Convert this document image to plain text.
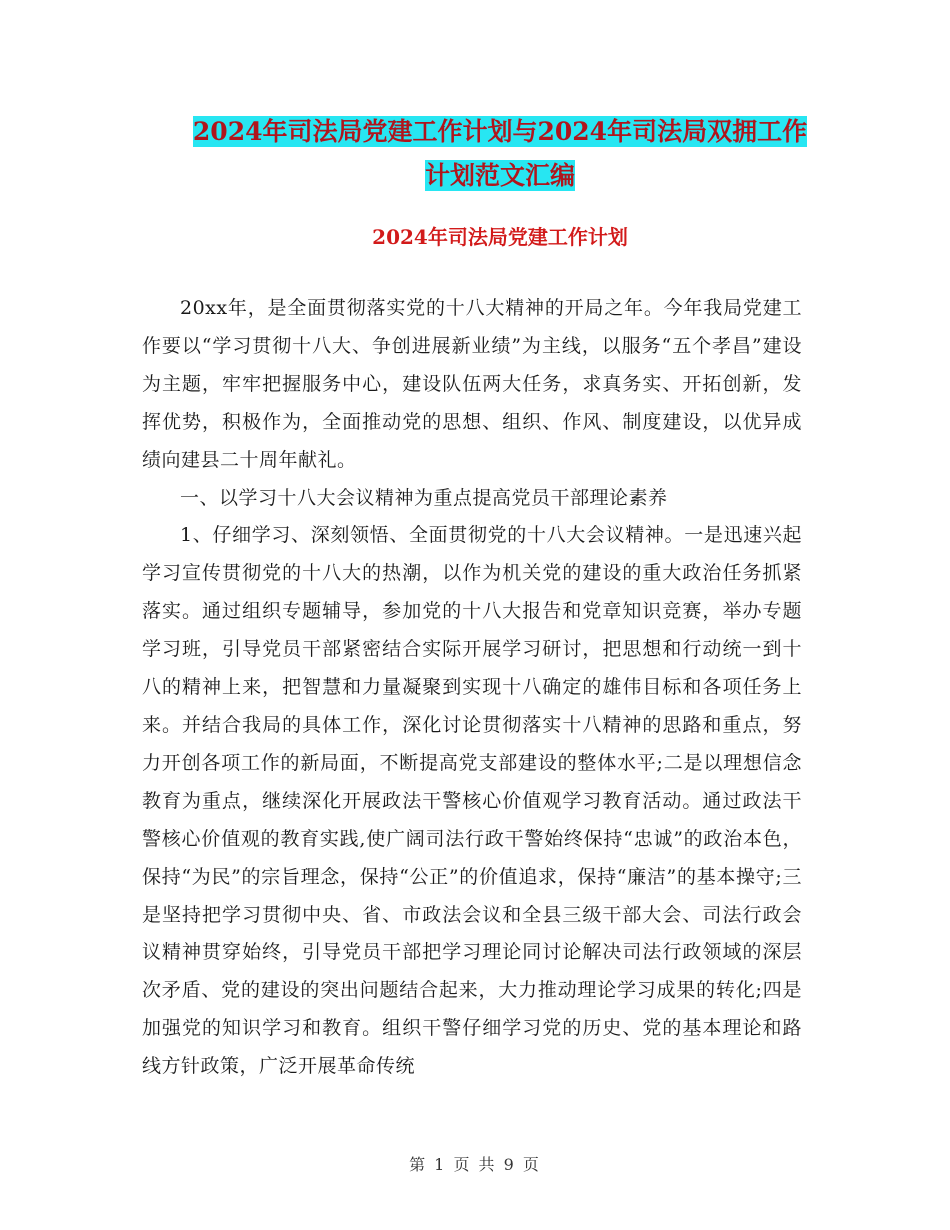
2024年司法局党建工作计划与2024年司法局双拥工作
计划范文汇编
2024年司法局党建工作计划

20xx年，是全面贯彻落实党的十八大精神的开局之年。今年我局党建工作要以“学习贯彻十八大、争创进展新业绩”为主线，以服务“五个孝昌”建设为主题，牢牢把握服务中心，建设队伍两大任务，求真务实、开拓创新，发挥优势，积极作为，全面推动党的思想、组织、作风、制度建设，以优异成绩向建县二十周年献礼。

一、以学习十八大会议精神为重点提高党员干部理论素养

1、仔细学习、深刻领悟、全面贯彻党的十八大会议精神。一是迅速兴起学习宣传贯彻党的十八大的热潮，以作为机关党的建设的重大政治任务抓紧落实。通过组织专题辅导，参加党的十八大报告和党章知识竞赛，举办专题学习班，引导党员干部紧密结合实际开展学习研讨，把思想和行动统一到十八的精神上来，把智慧和力量凝聚到实现十八确定的雄伟目标和各项任务上来。并结合我局的具体工作，深化讨论贯彻落实十八精神的思路和重点，努力开创各项工作的新局面，不断提高党支部建设的整体水平;二是以理想信念教育为重点，继续深化开展政法干警核心价值观学习教育活动。通过政法干警核心价值观的教育实践,使广阔司法行政干警始终保持“忠诚”的政治本色，保持“为民”的宗旨理念，保持“公正”的价值追求，保持“廉洁”的基本操守;三是坚持把学习贯彻中央、省、市政法会议和全县三级干部大会、司法行政会议精神贯穿始终，引导党员干部把学习理论同讨论解决司法行政领域的深层次矛盾、党的建设的突出问题结合起来，大力推动理论学习成果的转化;四是加强党的知识学习和教育。组织干警仔细学习党的历史、党的基本理论和路线方针政策，广泛开展革命传统

第 1 页 共 9 页
